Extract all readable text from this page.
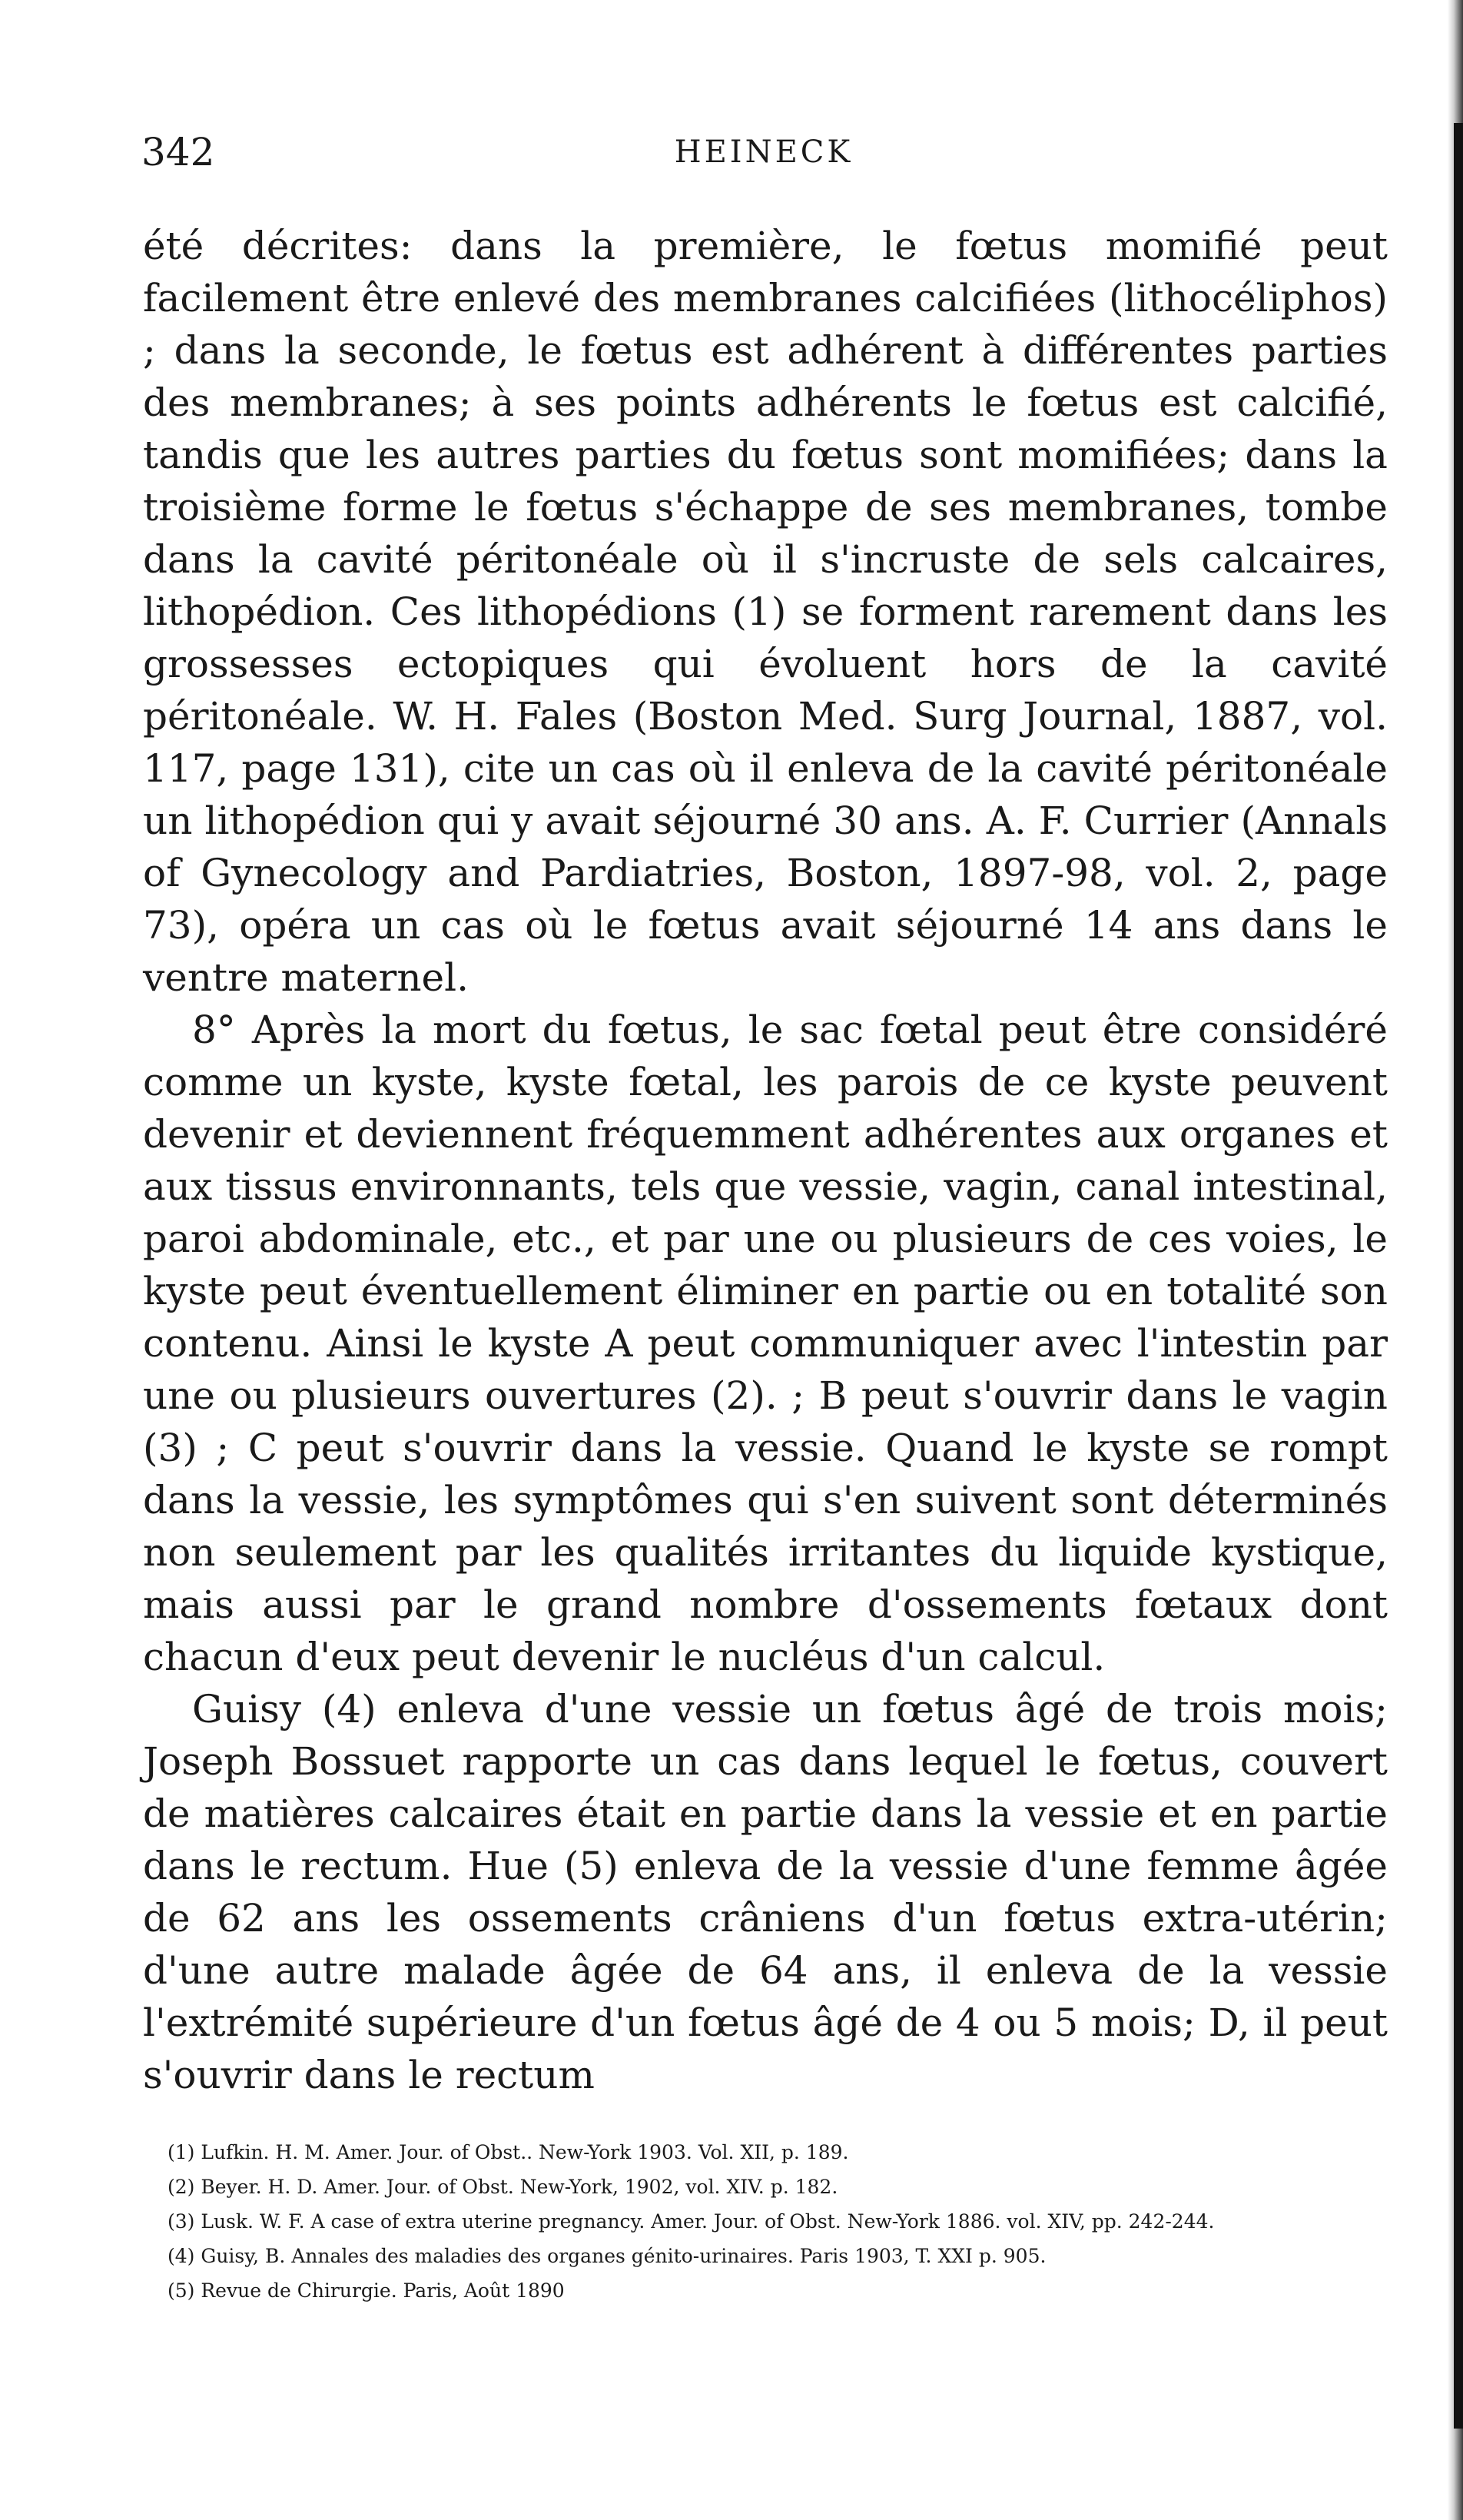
342	HEINECK

été décrites: dans la première, le fœtus momifié peut facilement être enlevé des membranes calcifiées (lithocéliphos) ; dans la seconde, le fœtus est adhérent à différentes parties des membranes; à ses points adhérents le fœtus est calcifié, tandis que les autres parties du fœtus sont momifiées; dans la troisième forme le fœtus s'échappe de ses membranes, tombe dans la cavité péritonéale où il s'incruste de sels calcaires, lithopédion. Ces lithopédions (1) se forment rarement dans les grossesses ectopiques qui évoluent hors de la cavité péritonéale. W. H. Fales (Boston Med. Surg Journal, 1887, vol. 117, page 131), cite un cas où il enleva de la cavité péritonéale un lithopédion qui y avait séjourné 30 ans. A. F. Currier (Annals of Gynecology and Pardiatries, Boston, 1897-98, vol. 2, page 73), opéra un cas où le fœtus avait séjourné 14 ans dans le ventre maternel.

8° Après la mort du fœtus, le sac fœtal peut être considéré comme un kyste, kyste fœtal, les parois de ce kyste peuvent devenir et deviennent fréquemment adhérentes aux organes et aux tissus environnants, tels que vessie, vagin, canal intestinal, paroi abdominale, etc., et par une ou plusieurs de ces voies, le kyste peut éventuellement éliminer en partie ou en totalité son contenu. Ainsi le kyste A peut communiquer avec l'intestin par une ou plusieurs ouvertures (2). ; B peut s'ouvrir dans le vagin (3) ; C peut s'ouvrir dans la vessie. Quand le kyste se rompt dans la vessie, les symptômes qui s'en suivent sont déterminés non seulement par les qualités irritantes du liquide kystique, mais aussi par le grand nombre d'ossements fœtaux dont chacun d'eux peut devenir le nucléus d'un calcul.

Guisy (4) enleva d'une vessie un fœtus âgé de trois mois; Joseph Bossuet rapporte un cas dans lequel le fœtus, couvert de matières calcaires était en partie dans la vessie et en partie dans le rectum. Hue (5) enleva de la vessie d'une femme âgée de 62 ans les ossements crâniens d'un fœtus extra-utérin; d'une autre malade âgée de 64 ans, il enleva de la vessie l'extrémité supérieure d'un fœtus âgé de 4 ou 5 mois; D, il peut s'ouvrir dans le rectum

(1) Lufkin. H. M. Amer. Jour. of Obst.. New-York 1903. Vol. XII, p. 189.

(2) Beyer. H. D. Amer. Jour. of Obst. New-York, 1902, vol. XIV. p. 182.

(3) Lusk. W. F. A case of extra uterine pregnancy. Amer. Jour. of Obst. New-York 1886. vol. XIV, pp. 242-244.

(4) Guisy, B. Annales des maladies des organes génito-urinaires. Paris 1903, T. XXI p. 905.

(5) Revue de Chirurgie. Paris, Août 1890
